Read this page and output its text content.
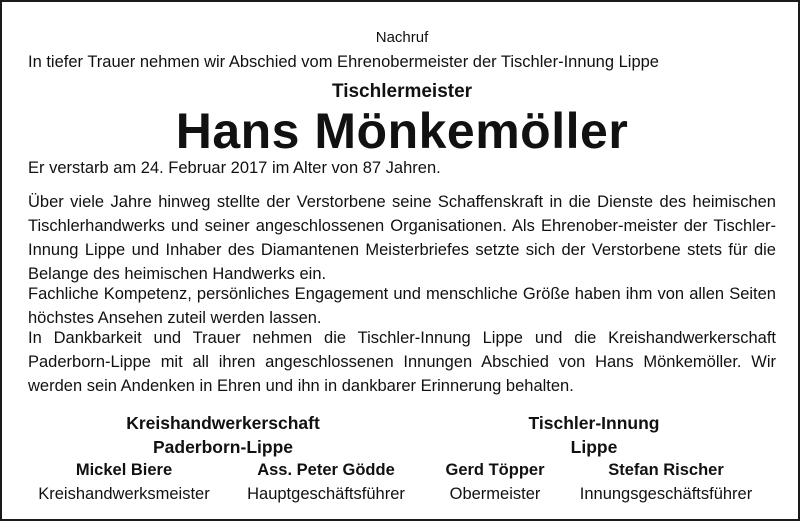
Nachruf
In tiefer Trauer nehmen wir Abschied vom Ehrenobermeister der Tischler-Innung Lippe
Tischlermeister
Hans Mönkemöller
Er verstarb am 24. Februar 2017 im Alter von 87 Jahren.

Über viele Jahre hinweg stellte der Verstorbene seine Schaffenskraft in die Dienste des heimischen Tischlerhandwerks und seiner angeschlossenen Organisationen. Als Ehrenober-meister der Tischler-Innung Lippe und Inhaber des Diamantenen Meisterbriefes setzte sich der Verstorbene stets für die Belange des heimischen Handwerks ein.

Fachliche Kompetenz, persönliches Engagement und menschliche Größe haben ihm von allen Seiten höchstes Ansehen zuteil werden lassen.

In Dankbarkeit und Trauer nehmen die Tischler-Innung Lippe und die Kreishandwerkerschaft Paderborn-Lippe mit all ihren angeschlossenen Innungen Abschied von Hans Mönkemöller. Wir werden sein Andenken in Ehren und ihn in dankbarer Erinnerung behalten.

Kreishandwerkerschaft
Paderborn-Lippe
Tischler-Innung
Lippe
Mickel Biere
Kreishandwerksmeister
Ass. Peter Gödde
Hauptgeschäftsführer
Gerd Töpper
Obermeister
Stefan Rischer
Innungsgeschäftsführer
